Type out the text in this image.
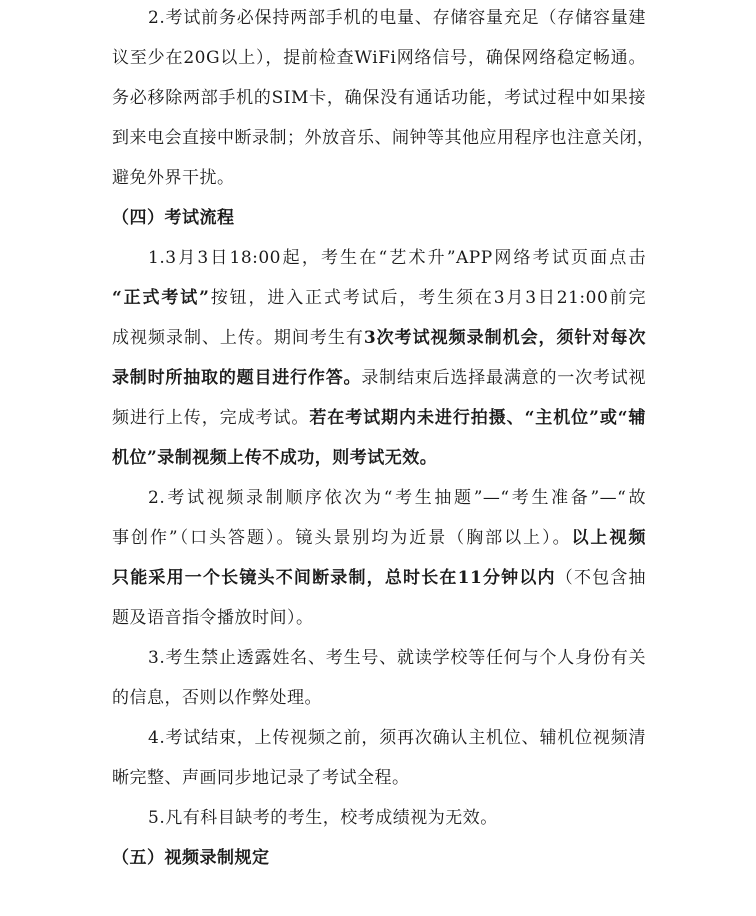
2.考试前务必保持两部手机的电量、存储容量充足（存储容量建
议至少在20G以上），提前检查WiFi网络信号，确保网络稳定畅通。
务必移除两部手机的SIM卡，确保没有通话功能，考试过程中如果接
到来电会直接中断录制；外放音乐、闹钟等其他应用程序也注意关闭，
避免外界干扰。
（四）考试流程
1.3月3日18:00起，考生在“艺术升”APP网络考试页面点击
“正式考试”按钮，进入正式考试后，考生须在3月3日21:00前完
成视频录制、上传。期间考生有3次考试视频录制机会，须针对每次
录制时所抽取的题目进行作答。录制结束后选择最满意的一次考试视
频进行上传，完成考试。若在考试期内未进行拍摄、“主机位”或“辅
机位”录制视频上传不成功，则考试无效。
2.考试视频录制顺序依次为“考生抽题”—“考生准备”—“故
事创作”（口头答题）。镜头景别均为近景（胸部以上）。以上视频
只能采用一个长镜头不间断录制，总时长在11分钟以内（不包含抽
题及语音指令播放时间）。
3.考生禁止透露姓名、考生号、就读学校等任何与个人身份有关
的信息，否则以作弊处理。
4.考试结束，上传视频之前，须再次确认主机位、辅机位视频清
晰完整、声画同步地记录了考试全程。
5.凡有科目缺考的考生，校考成绩视为无效。
（五）视频录制规定
